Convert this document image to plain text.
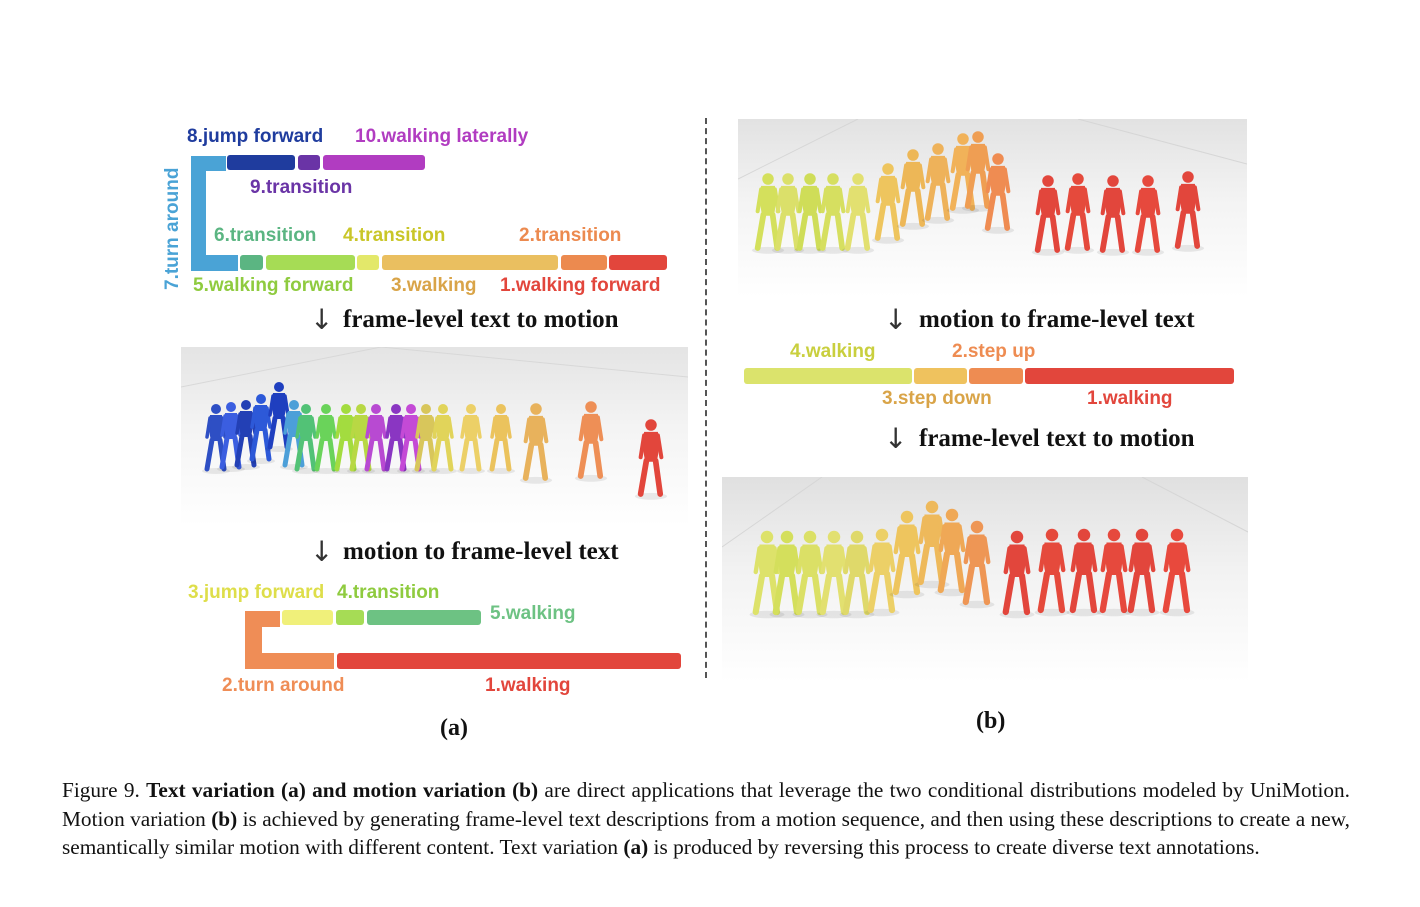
8.jump forward 10.walking laterally
9.transition
7.turn around 6.transition 4.transition	2.transition
5.walking forward 3.walking 1.walking forward
↓ frame-level text to motion
↓ motion to frame-level text
3.jump forward 4.transition
5.walking
2.turn around	1.walking
(a)
↓ motion to frame-level text
4.walking	2.step up
3.step down	1.walking
↓ frame-level text to motion
(b)
Figure 9. Text variation (a) and motion variation (b) are direct applications that leverage the two conditional distributions modeled by UniMotion. Motion variation (b) is achieved by generating frame-level text descriptions from a motion sequence, and then using these descriptions to create a new, semantically similar motion with different content. Text variation (a) is produced by reversing this process to create diverse text annotations.
